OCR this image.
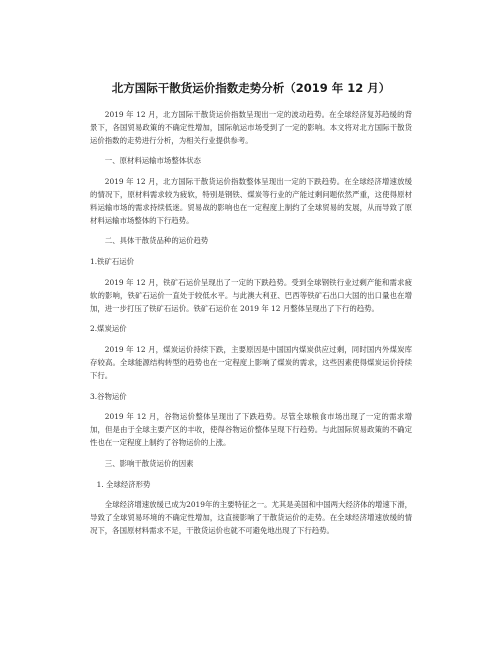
北方国际干散货运价指数走势分析（2019 年 12 月）

2019 年 12 月，北方国际干散货运价指数呈现出一定的波动趋势。在全球经济复苏趋缓的背景下，各国贸易政策的不确定性增加，国际航运市场受到了一定的影响。本文将对北方国际干散货运价指数的走势进行分析，为相关行业提供参考。

一、原材料运输市场整体状态

2019 年 12 月，北方国际干散货运价指数整体呈现出一定的下跌趋势。在全球经济增速放缓的情况下，原材料需求较为疲软，特别是钢铁、煤炭等行业的产能过剩问题依然严重，这使得原材料运输市场的需求持续低迷。贸易战的影响也在一定程度上制约了全球贸易的发展，从而导致了原材料运输市场整体的下行趋势。

二、具体干散货品种的运价趋势

1.铁矿石运价

2019 年 12 月，铁矿石运价呈现出了一定的下跌趋势。受到全球钢铁行业过剩产能和需求疲软的影响，铁矿石运价一直处于较低水平。与此澳大利亚、巴西等铁矿石出口大国的出口量也在增加，进一步打压了铁矿石运价。铁矿石运价在 2019 年 12 月整体呈现出了下行的趋势。

2.煤炭运价

2019 年 12 月，煤炭运价持续下跌，主要原因是中国国内煤炭供应过剩，同时国内外煤炭库存较高。全球能源结构转型的趋势也在一定程度上影响了煤炭的需求，这些因素使得煤炭运价持续下行。

3.谷物运价

2019 年 12 月，谷物运价整体呈现出了下跌趋势。尽管全球粮食市场出现了一定的需求增加，但是由于全球主要产区的丰收，使得谷物运价整体呈现下行趋势。与此国际贸易政策的不确定性也在一定程度上制约了谷物运价的上涨。

三、影响干散货运价的因素

1. 全球经济形势

全球经济增速放缓已成为2019年的主要特征之一。尤其是美国和中国两大经济体的增速下滑，导致了全球贸易环境的不确定性增加，这直接影响了干散货运价的走势。在全球经济增速放缓的情况下，各国原材料需求不足，干散货运价也就不可避免地出现了下行趋势。
